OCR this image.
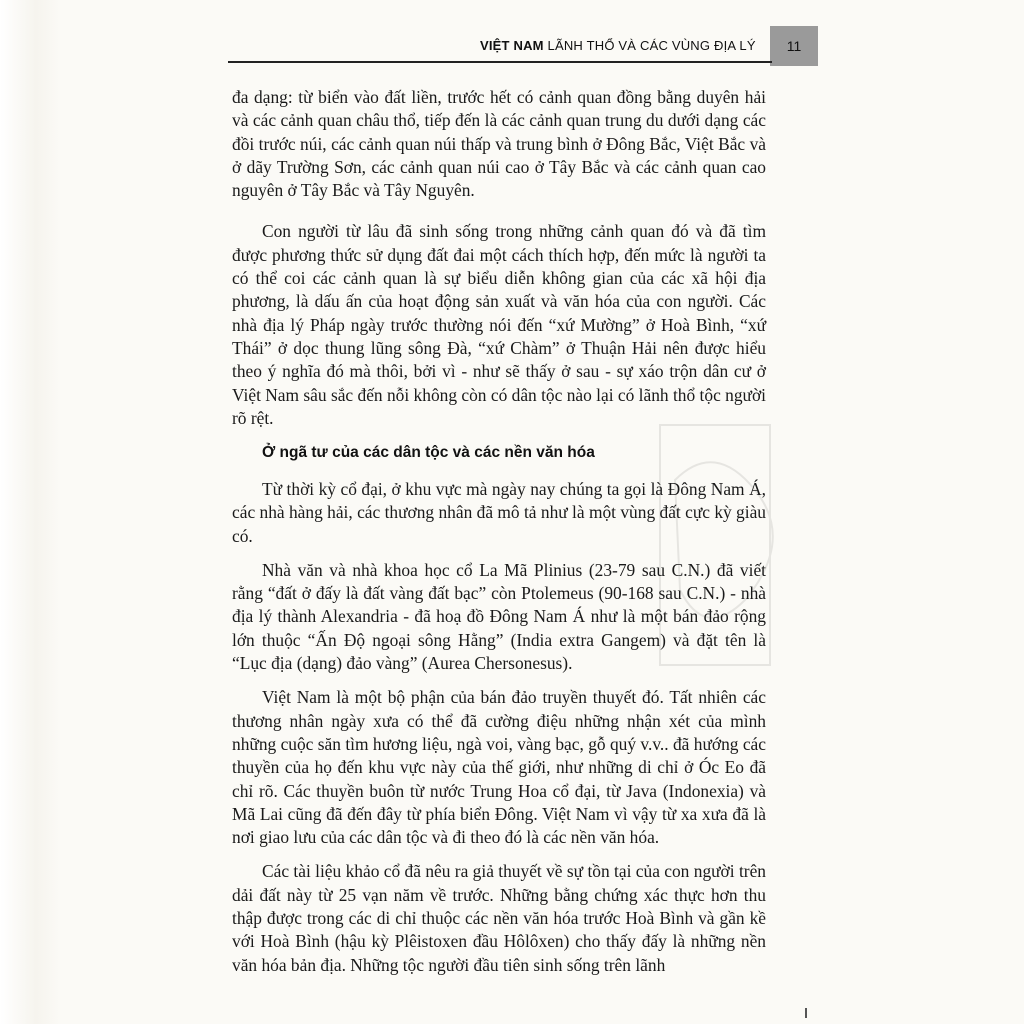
VIỆT NAM LÃNH THỔ VÀ CÁC VÙNG ĐỊA LÝ	11

đa dạng: từ biển vào đất liền, trước hết có cảnh quan đồng bằng duyên hải và các cảnh quan châu thổ, tiếp đến là các cảnh quan trung du dưới dạng các đồi trước núi, các cảnh quan núi thấp và trung bình ở Đông Bắc, Việt Bắc và ở dãy Trường Sơn, các cảnh quan núi cao ở Tây Bắc và các cảnh quan cao nguyên ở Tây Bắc và Tây Nguyên.

Con người từ lâu đã sinh sống trong những cảnh quan đó và đã tìm được phương thức sử dụng đất đai một cách thích hợp, đến mức là người ta có thể coi các cảnh quan là sự biểu diễn không gian của các xã hội địa phương, là dấu ấn của hoạt động sản xuất và văn hóa của con người. Các nhà địa lý Pháp ngày trước thường nói đến “xứ Mường” ở Hoà Bình, “xứ Thái” ở dọc thung lũng sông Đà, “xứ Chàm” ở Thuận Hải nên được hiểu theo ý nghĩa đó mà thôi, bởi vì - như sẽ thấy ở sau - sự xáo trộn dân cư ở Việt Nam sâu sắc đến nỗi không còn có dân tộc nào lại có lãnh thổ tộc người rõ rệt.

Ở ngã tư của các dân tộc và các nền văn hóa

Từ thời kỳ cổ đại, ở khu vực mà ngày nay chúng ta gọi là Đông Nam Á, các nhà hàng hải, các thương nhân đã mô tả như là một vùng đất cực kỳ giàu có.

Nhà văn và nhà khoa học cổ La Mã Plinius (23-79 sau C.N.) đã viết rằng “đất ở đấy là đất vàng đất bạc” còn Ptolemeus (90-168 sau C.N.) - nhà địa lý thành Alexandria - đã hoạ đồ Đông Nam Á như là một bán đảo rộng lớn thuộc “Ấn Độ ngoại sông Hằng” (India extra Gangem) và đặt tên là “Lục địa (dạng) đảo vàng” (Aurea Chersonesus).

Việt Nam là một bộ phận của bán đảo truyền thuyết đó. Tất nhiên các thương nhân ngày xưa có thể đã cường điệu những nhận xét của mình những cuộc săn tìm hương liệu, ngà voi, vàng bạc, gỗ quý v.v.. đã hướng các thuyền của họ đến khu vực này của thế giới, như những di chỉ ở Óc Eo đã chỉ rõ. Các thuyền buôn từ nước Trung Hoa cổ đại, từ Java (Indonexia) và Mã Lai cũng đã đến đây từ phía biển Đông. Việt Nam vì vậy từ xa xưa đã là nơi giao lưu của các dân tộc và đi theo đó là các nền văn hóa.

Các tài liệu khảo cổ đã nêu ra giả thuyết về sự tồn tại của con người trên dải đất này từ 25 vạn năm về trước. Những bằng chứng xác thực hơn thu thập được trong các di chỉ thuộc các nền văn hóa trước Hoà Bình và gần kề với Hoà Bình (hậu kỳ Plêistoxen đầu Hôlôxen) cho thấy đấy là những nền văn hóa bản địa. Những tộc người đầu tiên sinh sống trên lãnh
